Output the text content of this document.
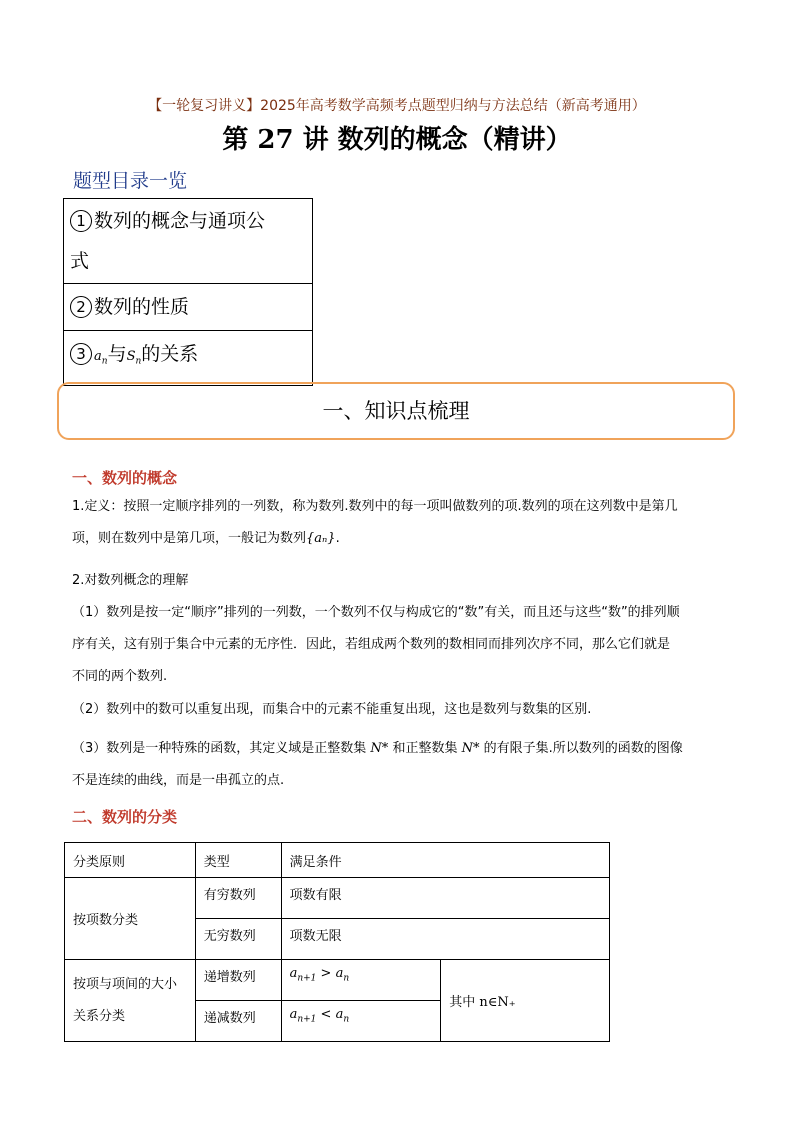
【一轮复习讲义】2025年高考数学高频考点题型归纳与方法总结（新高考通用）
第 27 讲 数列的概念（精讲）
题型目录一览
1 数列的概念与通项公
式
2 数列的性质
3 $a_n$与$S_n$的关系
一、知识点梳理
一、数列的概念
1.定义：按照一定顺序排列的一列数，称为数列.数列中的每一项叫做数列的项.数列的项在这列数中是第几
项，则在数列中是第几项，一般记为数列{aₙ}.
2.对数列概念的理解
（1）数列是按一定“顺序”排列的一列数，一个数列不仅与构成它的“数”有关，而且还与这些“数”的排列顺
序有关，这有别于集合中元素的无序性．因此，若组成两个数列的数相同而排列次序不同，那么它们就是
不同的两个数列.
（2）数列中的数可以重复出现，而集合中的元素不能重复出现，这也是数列与数集的区别.
（3）数列是一种特殊的函数，其定义域是正整数集 N* 和正整数集 N* 的有限子集.所以数列的函数的图像
不是连续的曲线，而是一串孤立的点.
二、数列的分类
分类原则	类型	满足条件	
按项数分类	有穷数列	项数有限	
	无穷数列	项数无限	
按项与项间的大小
关系分类	递增数列	$a_{n+1} > a_n$	其中 n∈N₊
	递减数列	$a_{n+1} < a_n$
